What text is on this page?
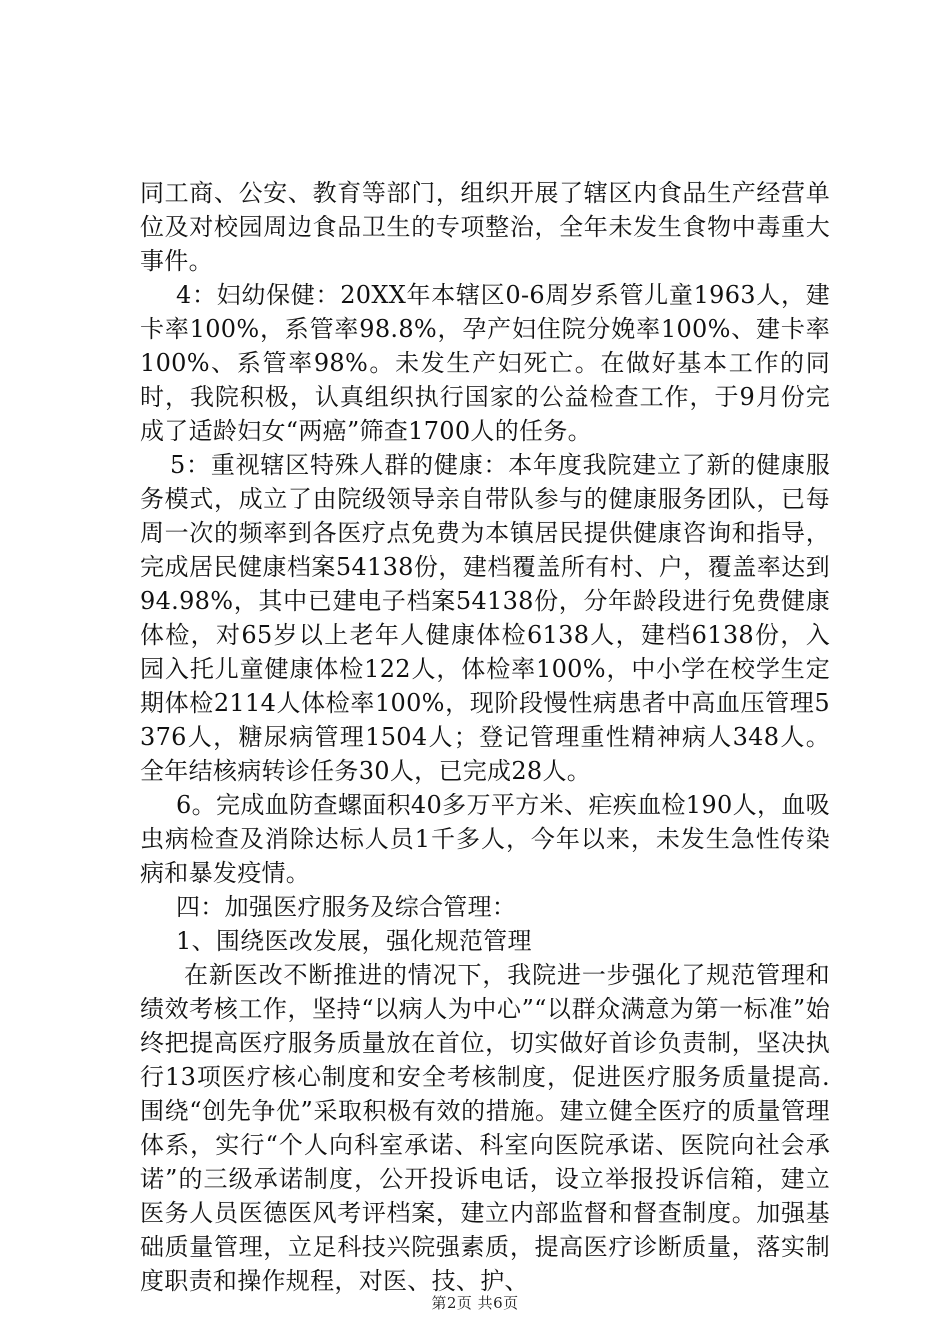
同工商、公安、教育等部门，组织开展了辖区内食品生产经营单位及对校园周边食品卫生的专项整治，全年未发生食物中毒重大事件。

4：妇幼保健：20XX年本辖区0-6周岁系管儿童1963人，建卡率100%，系管率98.8%，孕产妇住院分娩率100%、建卡率100%、系管率98%。未发生产妇死亡。在做好基本工作的同时，我院积极，认真组织执行国家的公益检查工作，于9月份完成了适龄妇女“两癌”筛查1700人的任务。

5：重视辖区特殊人群的健康：本年度我院建立了新的健康服务模式，成立了由院级领导亲自带队参与的健康服务团队，已每周一次的频率到各医疗点免费为本镇居民提供健康咨询和指导，完成居民健康档案54138份，建档覆盖所有村、户，覆盖率达到94.98%，其中已建电子档案54138份，分年龄段进行免费健康体检，对65岁以上老年人健康体检6138人，建档6138份，入园入托儿童健康体检122人，体检率100%，中小学在校学生定期体检2114人体检率100%，现阶段慢性病患者中高血压管理5376人，糖尿病管理1504人；登记管理重性精神病人348人。全年结核病转诊任务30人，已完成28人。

6。完成血防查螺面积40多万平方米、疟疾血检190人，血吸虫病检查及消除达标人员1千多人，今年以来，未发生急性传染病和暴发疫情。

四：加强医疗服务及综合管理：

1、围绕医改发展，强化规范管理

在新医改不断推进的情况下，我院进一步强化了规范管理和绩效考核工作，坚持“以病人为中心”“以群众满意为第一标准”始终把提高医疗服务质量放在首位，切实做好首诊负责制，坚决执行13项医疗核心制度和安全考核制度，促进医疗服务质量提高.围绕“创先争优”采取积极有效的措施。建立健全医疗的质量管理体系，实行“个人向科室承诺、科室向医院承诺、医院向社会承诺”的三级承诺制度，公开投诉电话，设立举报投诉信箱，建立医务人员医德医风考评档案，建立内部监督和督查制度。加强基础质量管理，立足科技兴院强素质，提高医疗诊断质量，落实制度职责和操作规程，对医、技、护、

第2页 共6页
